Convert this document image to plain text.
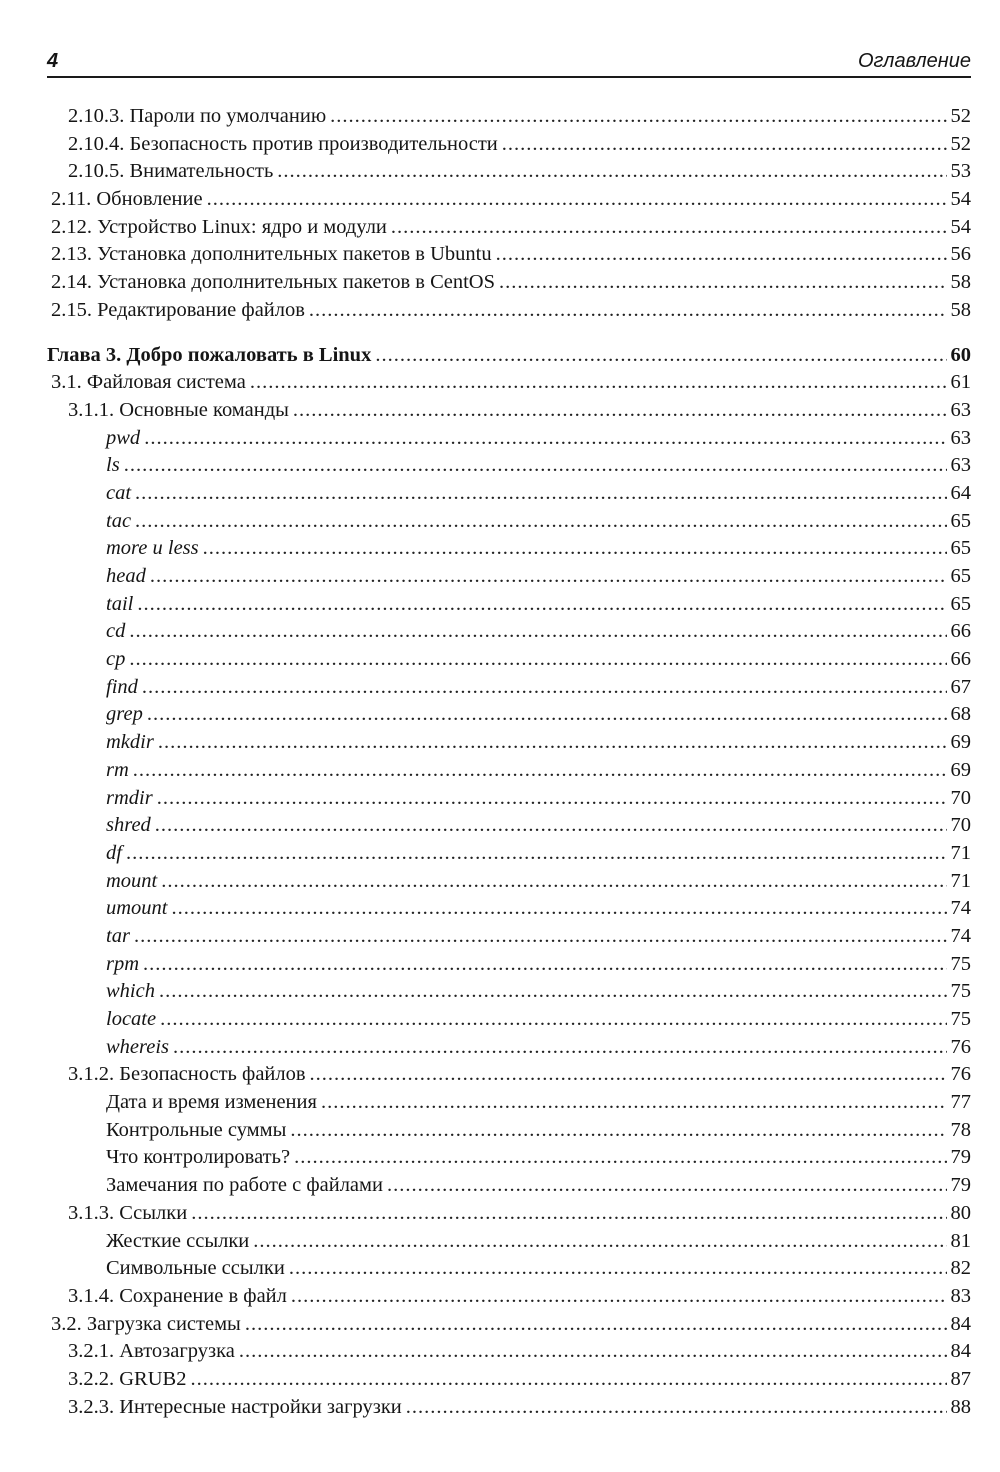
4	Оглавление
2.10.3. Пароли по умолчанию .....	52
2.10.4. Безопасность против производительности .....	52
2.10.5. Внимательность .....	53
2.11. Обновление .....	54
2.12. Устройство Linux: ядро и модули .....	54
2.13. Установка дополнительных пакетов в Ubuntu .....	56
2.14. Установка дополнительных пакетов в CentOS .....	58
2.15. Редактирование файлов .....	58
Глава 3. Добро пожаловать в Linux .....	60
3.1. Файловая система .....	61
3.1.1. Основные команды .....	63
pwd .....	63
ls .....	63
cat .....	64
tac .....	65
more и less .....	65
head .....	65
tail .....	65
cd .....	66
cp .....	66
find .....	67
grep .....	68
mkdir .....	69
rm .....	69
rmdir .....	70
shred .....	70
df .....	71
mount .....	71
umount .....	74
tar .....	74
rpm .....	75
which .....	75
locate .....	75
whereis .....	76
3.1.2. Безопасность файлов .....	76
Дата и время изменения .....	77
Контрольные суммы .....	78
Что контролировать? .....	79
Замечания по работе с файлами .....	79
3.1.3. Ссылки .....	80
Жесткие ссылки .....	81
Символьные ссылки .....	82
3.1.4. Сохранение в файл .....	83
3.2. Загрузка системы .....	84
3.2.1. Автозагрузка .....	84
3.2.2. GRUB2 .....	87
3.2.3. Интересные настройки загрузки .....	88
